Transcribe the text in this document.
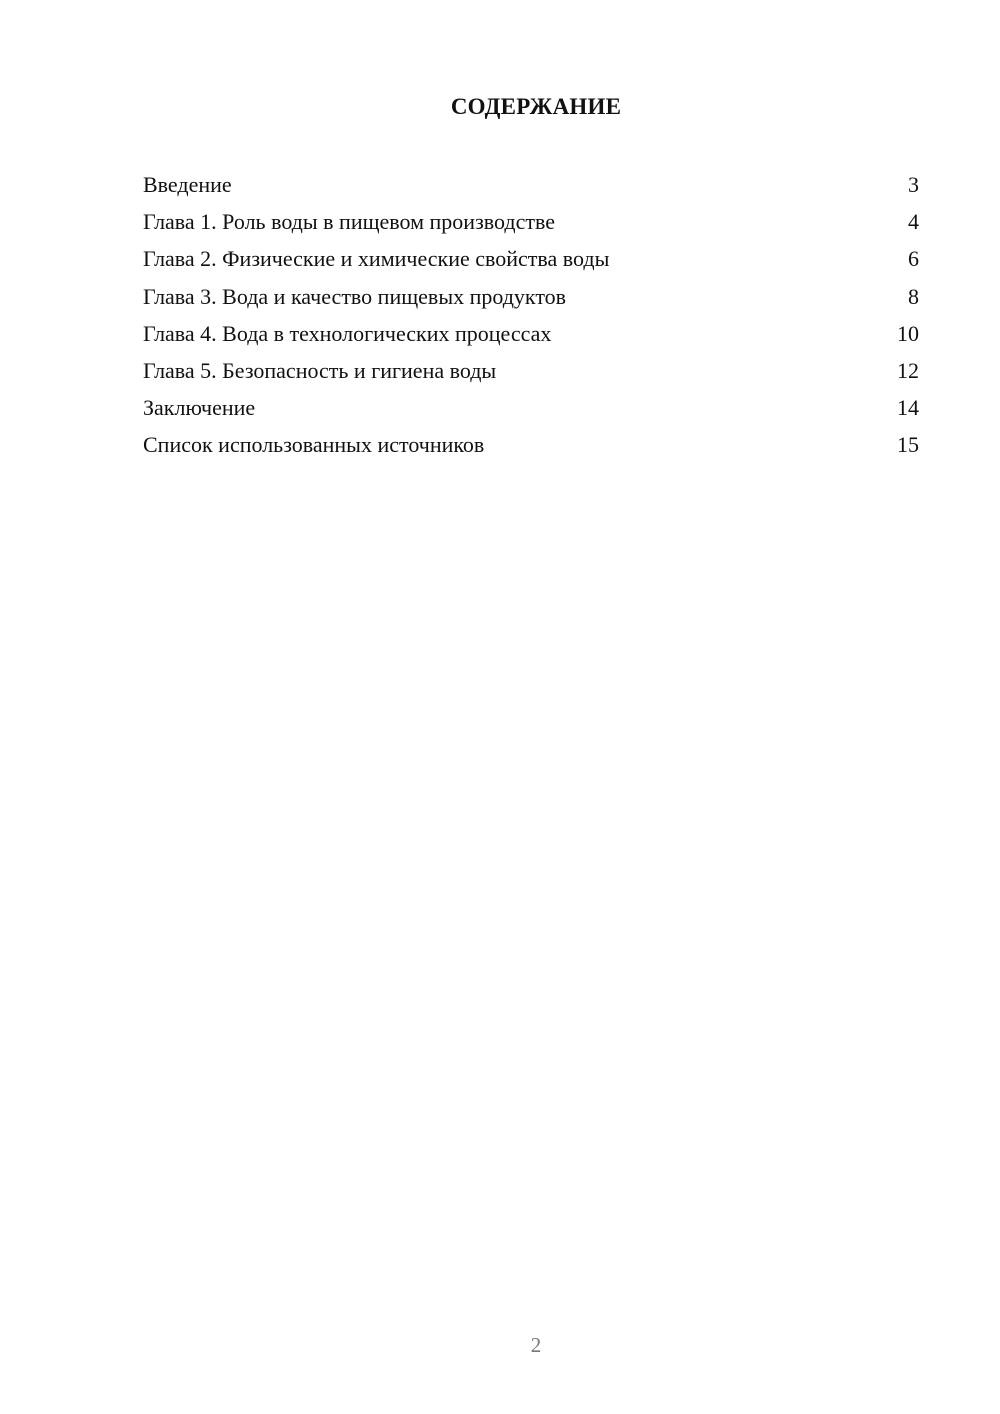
СОДЕРЖАНИЕ
Введение	3
Глава 1. Роль воды в пищевом производстве	4
Глава 2. Физические и химические свойства воды	6
Глава 3. Вода и качество пищевых продуктов	8
Глава 4. Вода в технологических процессах	10
Глава 5. Безопасность и гигиена воды	12
Заключение	14
Список использованных источников	15
2
